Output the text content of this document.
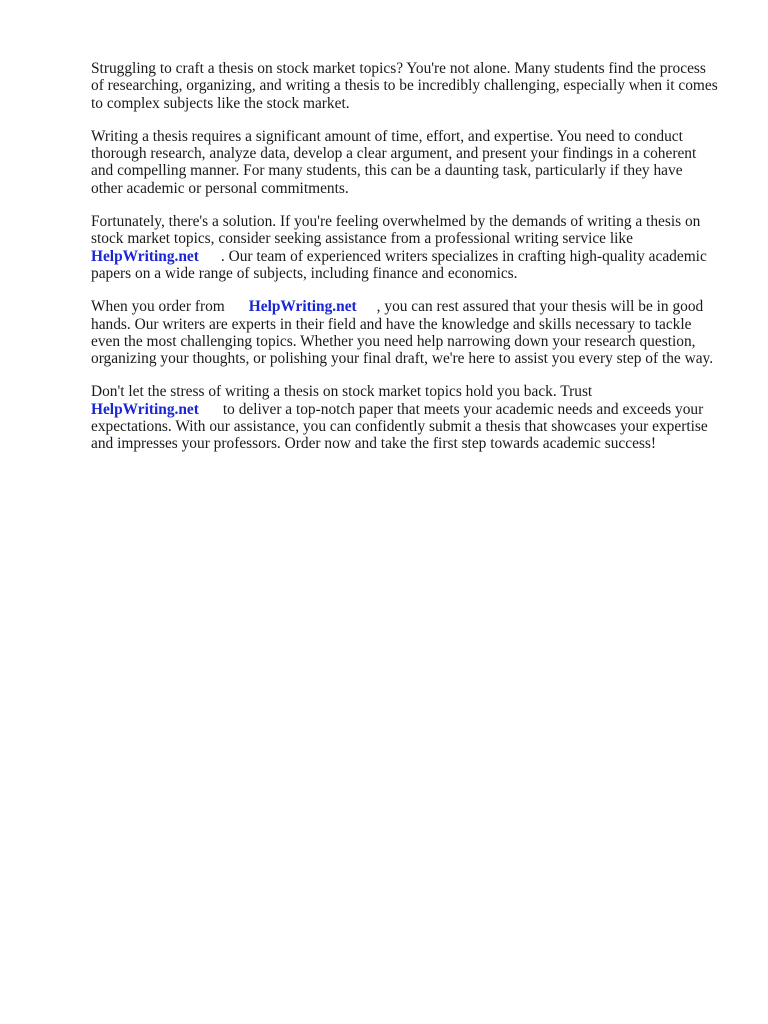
Struggling to craft a thesis on stock market topics? You're not alone. Many students find the process
of researching, organizing, and writing a thesis to be incredibly challenging, especially when it comes
to complex subjects like the stock market.

Writing a thesis requires a significant amount of time, effort, and expertise. You need to conduct
thorough research, analyze data, develop a clear argument, and present your findings in a coherent
and compelling manner. For many students, this can be a daunting task, particularly if they have
other academic or personal commitments.

Fortunately, there's a solution. If you're feeling overwhelmed by the demands of writing a thesis on
stock market topics, consider seeking assistance from a professional writing service like
HelpWriting.net . Our team of experienced writers specializes in crafting high-quality academic
papers on a wide range of subjects, including finance and economics.

When you order from HelpWriting.net , you can rest assured that your thesis will be in good
hands. Our writers are experts in their field and have the knowledge and skills necessary to tackle
even the most challenging topics. Whether you need help narrowing down your research question,
organizing your thoughts, or polishing your final draft, we're here to assist you every step of the way.

Don't let the stress of writing a thesis on stock market topics hold you back. Trust
HelpWriting.net to deliver a top-notch paper that meets your academic needs and exceeds your
expectations. With our assistance, you can confidently submit a thesis that showcases your expertise
and impresses your professors. Order now and take the first step towards academic success!
